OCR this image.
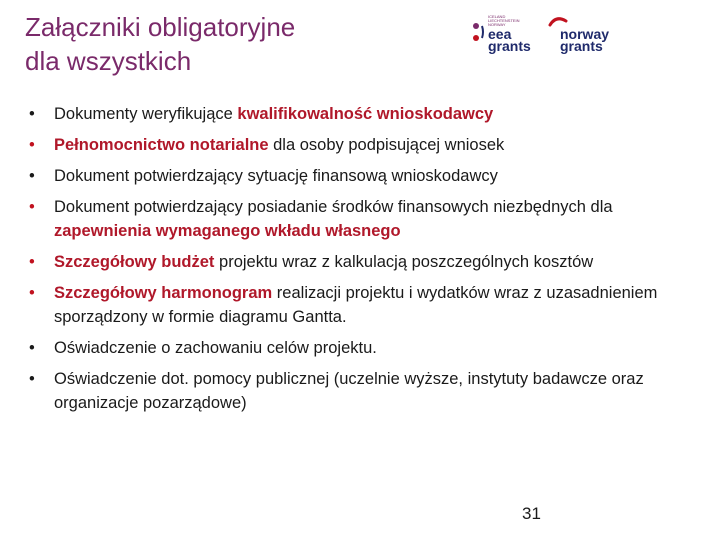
Załączniki obligatoryjne
dla wszystkich
ICELAND LIECHTENSTEIN NORWAY
eea
grants
norway
grants
• Dokumenty weryfikujące kwalifikowalność wnioskodawcy
• Pełnomocnictwo notarialne dla osoby podpisującej wniosek
• Dokument potwierdzający sytuację finansową wnioskodawcy
• Dokument potwierdzający posiadanie środków finansowych niezbędnych dla zapewnienia wymaganego wkładu własnego
• Szczegółowy budżet projektu wraz z kalkulacją poszczególnych kosztów
• Szczegółowy harmonogram realizacji projektu i wydatków wraz z uzasadnieniem sporządzony w formie diagramu Gantta.
• Oświadczenie o zachowaniu celów projektu.
• Oświadczenie dot. pomocy publicznej (uczelnie wyższe, instytuty badawcze oraz organizacje pozarządowe)
31
